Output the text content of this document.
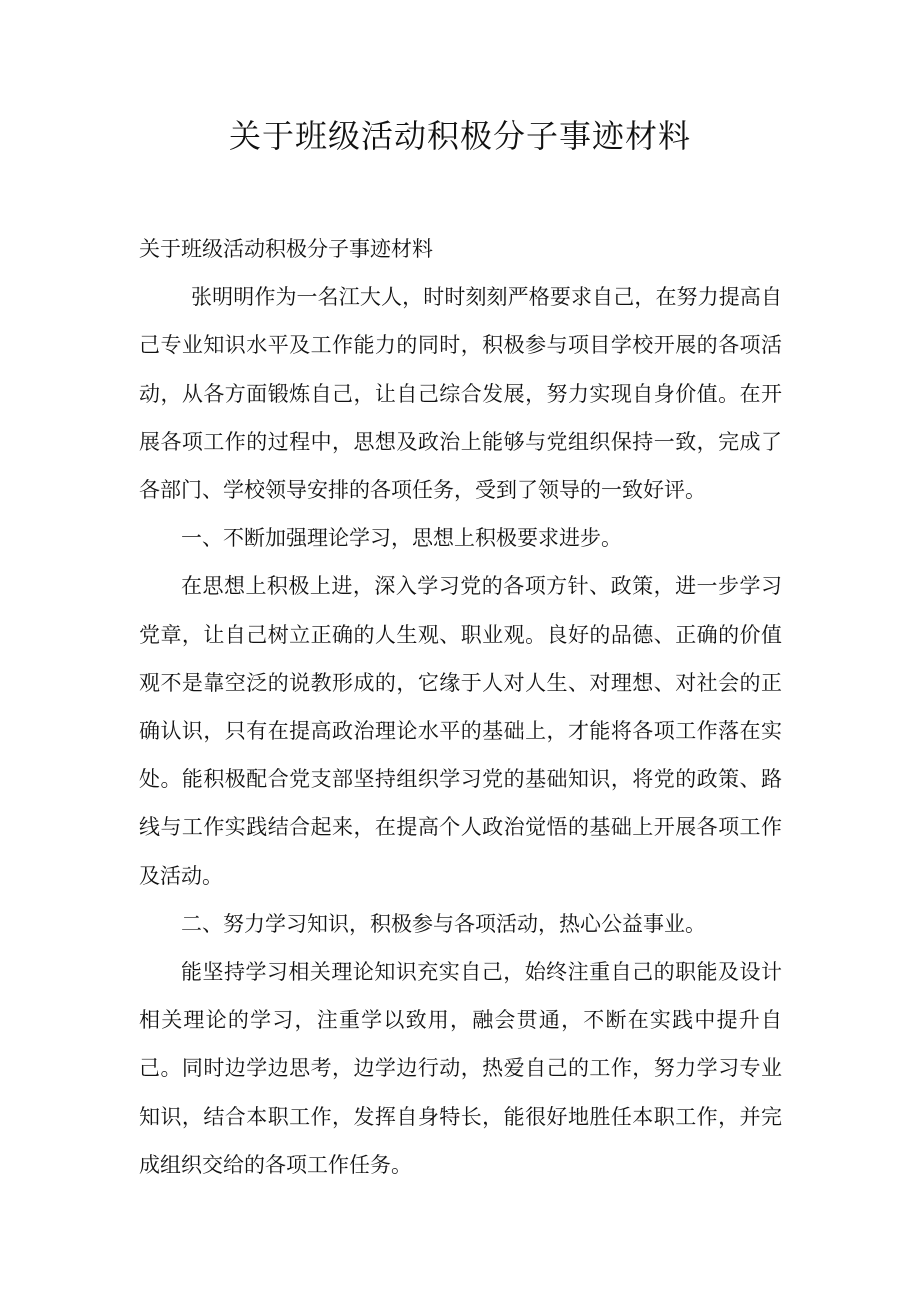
关于班级活动积极分子事迹材料

关于班级活动积极分子事迹材料

张明明作为一名江大人，时时刻刻严格要求自己，在努力提高自己专业知识水平及工作能力的同时，积极参与项目学校开展的各项活动，从各方面锻炼自己，让自己综合发展，努力实现自身价值。在开展各项工作的过程中，思想及政治上能够与党组织保持一致，完成了各部门、学校领导安排的各项任务，受到了领导的一致好评。

一、不断加强理论学习，思想上积极要求进步。

在思想上积极上进，深入学习党的各项方针、政策，进一步学习党章，让自己树立正确的人生观、职业观。良好的品德、正确的价值观不是靠空泛的说教形成的，它缘于人对人生、对理想、对社会的正确认识，只有在提高政治理论水平的基础上，才能将各项工作落在实处。能积极配合党支部坚持组织学习党的基础知识，将党的政策、路线与工作实践结合起来，在提高个人政治觉悟的基础上开展各项工作及活动。

二、努力学习知识，积极参与各项活动，热心公益事业。

能坚持学习相关理论知识充实自己，始终注重自己的职能及设计相关理论的学习，注重学以致用，融会贯通，不断在实践中提升自己。同时边学边思考，边学边行动，热爱自己的工作，努力学习专业知识，结合本职工作，发挥自身特长，能很好地胜任本职工作，并完成组织交给的各项工作任务。
